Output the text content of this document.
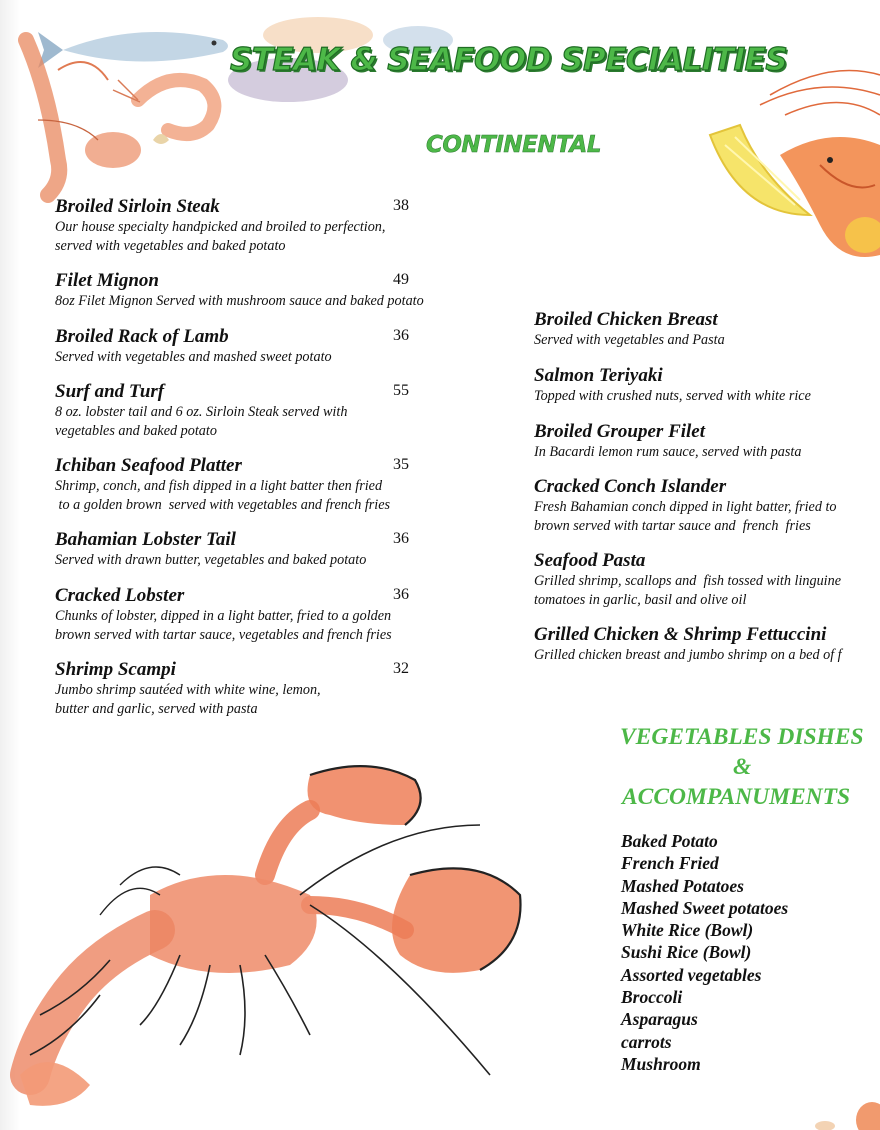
STEAK & SEAFOOD SPECIALITIES
CONTINENTAL
Broiled Sirloin Steak	38
Our house specialty handpicked and broiled to perfection,
served with vegetables and baked potato
Filet Mignon	49
8oz Filet Mignon Served with mushroom sauce and baked potato
Broiled Rack of Lamb	36
Served with vegetables and mashed sweet potato
Surf and Turf	55
8 oz. lobster tail and 6 oz. Sirloin Steak served with
vegetables and baked potato
Ichiban Seafood Platter	35
Shrimp, conch, and fish dipped in a light batter then fried
to a golden brown  served with vegetables and french fries
Bahamian Lobster Tail	36
Served with drawn butter, vegetables and baked potato
Cracked Lobster	36
Chunks of lobster, dipped in a light batter, fried to a golden
brown served with tartar sauce, vegetables and french fries
Shrimp Scampi	32
Jumbo shrimp sautéed with white wine, lemon,
butter and garlic, served with pasta
Broiled Chicken Breast
Served with vegetables and Pasta
Salmon Teriyaki
Topped with crushed nuts, served with white rice
Broiled Grouper Filet
In Bacardi lemon rum sauce, served with pasta
Cracked Conch Islander
Fresh Bahamian conch dipped in light batter, fried to
brown served with tartar sauce and  french  fries
Seafood Pasta
Grilled shrimp, scallops and  fish tossed with linguine
tomatoes in garlic, basil and olive oil
Grilled Chicken & Shrimp Fettuccini
Grilled chicken breast and jumbo shrimp on a bed of f
VEGETABLES DISHES
&
ACCOMPANUMENTS
Baked Potato
French Fried
Mashed Potatoes
Mashed Sweet potatoes
White Rice (Bowl)
Sushi Rice (Bowl)
Assorted vegetables
Broccoli
Asparagus
carrots
Mushroom
